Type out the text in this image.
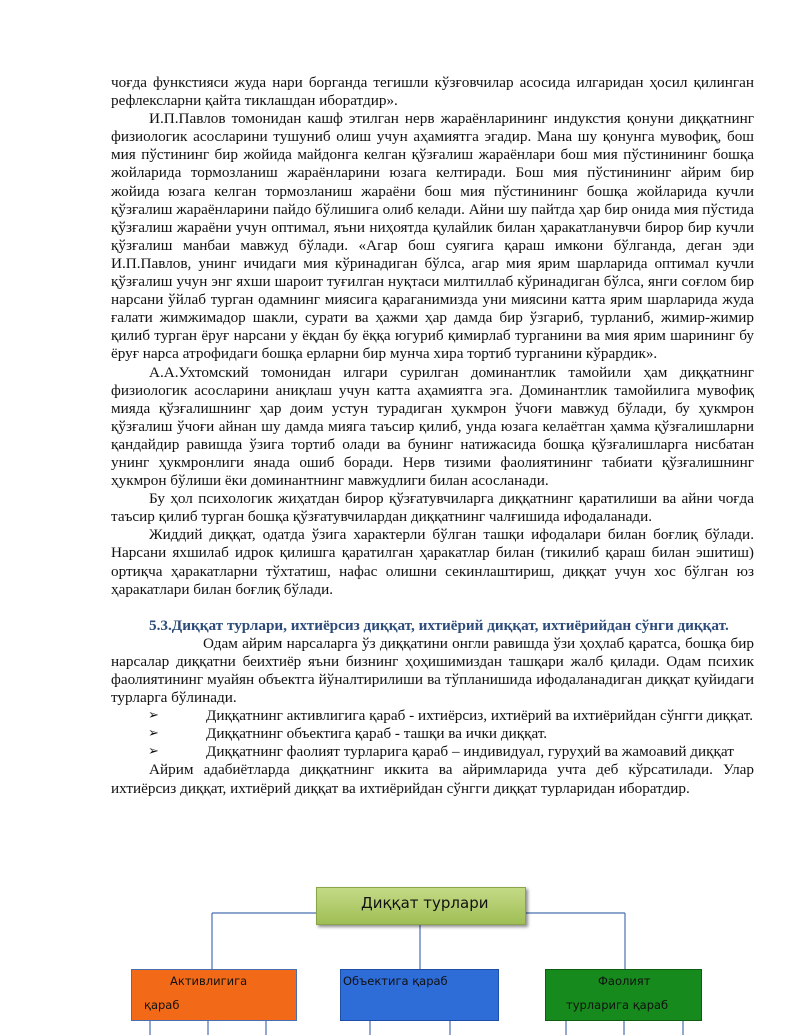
чоғда функстияси жуда нари борганда тегишли кўзғовчилар асосида илгаридан ҳосил қилинган рефлексларни қайта тиклашдан иборатдир».

И.П.Павлов томонидан кашф этилган нерв жараёнларининг индукстия қонуни диққатнинг физиологик асосларини тушуниб олиш учун аҳамиятга эгадир. Мана шу қонунга мувофиқ, бош мия пўстининг бир жойида майдонга келган қўзғалиш жараёнлари бош мия пўстинининг бошқа жойларида тормозланиш жараёнларини юзага келтиради. Бош мия пўстинининг айрим бир жойида юзага келган тормозланиш жараёни бош мия пўстинининг бошқа жойларида кучли қўзғалиш жараёнларини пайдо бўлишига олиб келади. Айни шу пайтда ҳар бир онида мия пўстида қўзғалиш жараёни учун оптимал, яъни ниҳоятда қулайлик билан ҳаракатланувчи бирор бир кучли қўзғалиш манбаи мавжуд бўлади. «Агар бош суягига қараш имкони бўлганда, деган эди И.П.Павлов, унинг ичидаги мия кўринадиган бўлса, агар мия ярим шарларида оптимал кучли қўзғалиш учун энг яхши шароит туғилган нуқтаси милтиллаб кўринадиган бўлса, янги соғлом бир нарсани ўйлаб турган одамнинг миясига қараганимизда уни миясини катта ярим шарларида жуда ғалати жимжимадор шакли, сурати ва ҳажми ҳар дамда бир ўзгариб, турланиб, жимир-жимир қилиб турган ёруғ нарсани у ёқдан бу ёққа югуриб қимирлаб турганини ва мия ярим шарининг бу ёруғ нарса атрофидаги бошқа ерларни бир мунча хира тортиб турганини кўрардик».

А.А.Ухтомский томонидан илгари сурилган доминантлик тамойили ҳам диққатнинг физиологик асосларини аниқлаш учун катта аҳамиятга эга. Доминантлик тамойилига мувофиқ мияда қўзғалишнинг ҳар доим устун турадиган ҳукмрон ўчоғи мавжуд бўлади, бу ҳукмрон қўзғалиш ўчоғи айнан шу дамда мияга таъсир қилиб, унда юзага келаётган ҳамма қўзғалишларни қандайдир равишда ўзига тортиб олади ва бунинг натижасида бошқа қўзғалишларга нисбатан унинг ҳукмронлиги янада ошиб боради. Нерв тизими фаолиятининг табиати қўзғалишнинг ҳукмрон бўлиши ёки доминантнинг мавжудлиги билан асосланади.

Бу ҳол психологик жиҳатдан бирор қўзғатувчиларга диққатнинг қаратилиши ва айни чоғда таъсир қилиб турган бошқа қўзғатувчилардан диққатнинг чалғишида ифодаланади.

Жиддий диққат, одатда ўзига характерли бўлган ташқи ифодалари билан боғлиқ бўлади. Нарсани яхшилаб идрок қилишга қаратилган ҳаракатлар билан (тикилиб қараш билан эшитиш) ортиқча ҳаракатларни тўхтатиш, нафас олишни секинлаштириш, диққат учун хос бўлган юз ҳаракатлари билан боғлиқ бўлади.

5.3.Диққат турлари, ихтиёрсиз диққат, ихтиёрий диққат, ихтиёрийдан сўнги диққат.

Одам айрим нарсаларга ўз диққатини онгли равишда ўзи ҳоҳлаб қаратса, бошқа бир нарсалар диққатни беихтиёр яъни бизнинг ҳоҳишимиздан ташқари жалб қилади. Одам психик фаолиятининг муайян объектга йўналтирилиши ва тўпланишида ифодаланадиган диққат қуйидаги турларга бўлинади.

➢	Диққатнинг активлигига қараб - ихтиёрсиз, ихтиёрий ва ихтиёрийдан сўнгги диққат.

➢	Диққатнинг объектига қараб - ташқи ва ички диққат.

➢	Диққатнинг фаолият турларига қараб – индивидуал, гуруҳий ва жамоавий диққат

Айрим адабиётларда диққатнинг иккита ва айримларида учта деб кўрсатилади. Улар ихтиёрсиз диққат, ихтиёрий диққат ва ихтиёрийдан сўнгги диққат турларидан иборатдир.

Диққат турлари
Активлигига
қараб
Объектига қараб	Фаолият
турларига қараб
